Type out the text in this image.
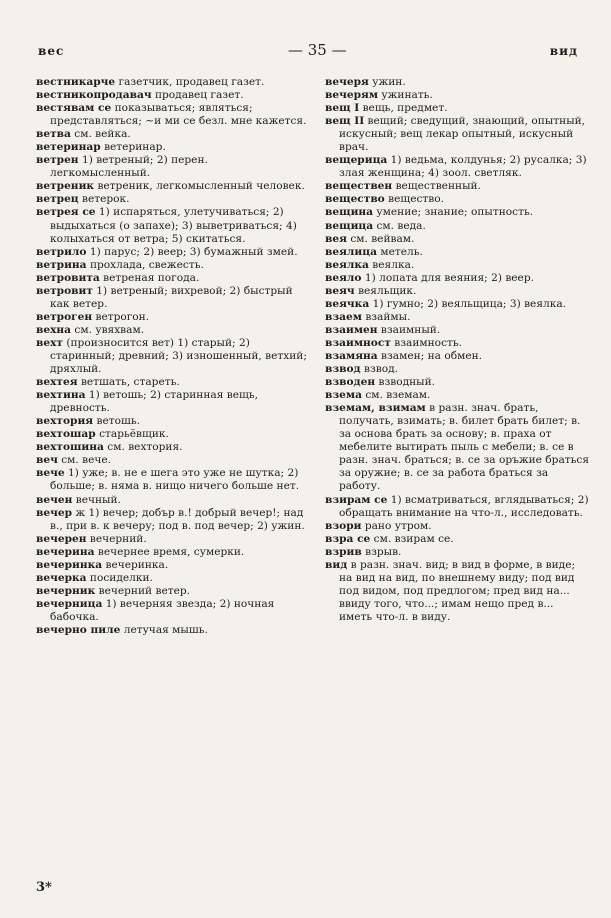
вес	— 35 —	вид

вестникарче газетчик, продавец газет.

вестникопродавач продавец газет.

вестявам се показываться; являться; представляться; ~и ми се безл. мне кажется.

ветва см. вейка.

ветеринар ветеринар.

ветрен 1) ветреный; 2) перен. легкомысленный.

ветреник ветреник, легкомысленный человек.

ветрец ветерок.

ветрея се 1) испаряться, улетучиваться; 2) выдыхаться (о запахе); 3) выветриваться; 4) колыхаться от ветра; 5) скитаться.

ветрило 1) парус; 2) веер; 3) бумажный змей.

ветрина прохлада, свежесть.

ветровита ветреная погода.

ветровит 1) ветреный; вихревой; 2) быстрый как ветер.

ветроген ветрогон.

вехна см. увяхвам.

вехт (произносится вет) 1) старый; 2) старинный; древний; 3) изношенный, ветхий; дряхлый.

вехтея ветшать, стареть.

вехтина 1) ветошь; 2) старинная вещь, древность.

вехтория ветошь.

вехтошар старьёвщик.

вехтошина см. вехтория.

веч см. вече.

вече 1) уже; в. не е шега это уже не шутка; 2) больше; в. няма в. нищо ничего больше нет.

вечен вечный.

вечер ж 1) вечер; добър в.! добрый вечер!; над в., при в. к вечеру; под в. под вечер; 2) ужин.

вечерен вечерний.

вечерина вечернее время, сумерки.

вечеринка вечеринка.

вечерка посиделки.

вечерник вечерний ветер.

вечерница 1) вечерняя звезда; 2) ночная бабочка.

вечерно пиле летучая мышь.

вечеря ужин.

вечерям ужинать.

вещ I вещь, предмет.

вещ II вещий; сведущий, знающий, опытный, искусный; вещ лекар опытный, искусный врач.

вещерица 1) ведьма, колдунья; 2) русалка; 3) злая женщина; 4) зоол. светляк.

веществен вещественный.

вещество вещество.

вещина умение; знание; опытность.

вещица см. веда.

вея см. вейвам.

веялица метель.

веялка веялка.

веяло 1) лопата для веяния; 2) веер.

веяч веяльщик.

веячка 1) гумно; 2) веяльщица; 3) веялка.

взаем взаймы.

взаимен взаимный.

взаимност взаимность.

взамяна взамен; на обмен.

взвод взвод.

взводен взводный.

взема см. вземам.

вземам, взимам в разн. знач. брать, получать, взимать; в. билет брать билет; в. за основа брать за основу; в. праха от мебелите вытирать пыль с мебели; в. се в разн. знач. браться; в. се за оръжие браться за оружие; в. се за работа браться за работу.

взирам се 1) всматриваться, вглядываться; 2) обращать внимание на что-л., исследовать.

взори рано утром.

взра се см. взирам се.

взрив взрыв.

вид в разн. знач. вид; в вид в форме, в виде; на вид на вид, по внешнему виду; под вид под видом, под предлогом; пред вид на... ввиду того, что...; имам нещо пред в... иметь что-л. в виду.

3*
